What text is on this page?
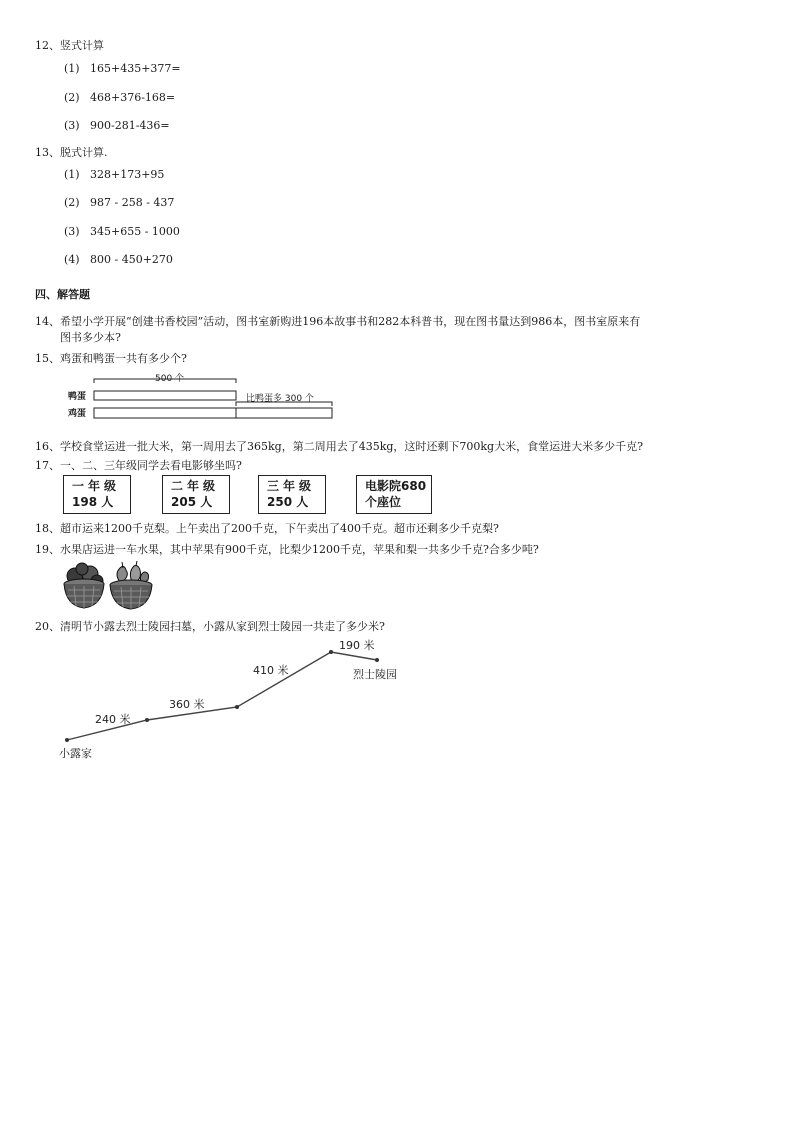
12、竖式计算
(1) 165+435+377=
(2) 468+376-168=
(3) 900-281-436=
13、脱式计算.
(1) 328+173+95
(2) 987 - 258 - 437
(3) 345+655 - 1000
(4) 800 - 450+270
四、解答题
14、希望小学开展“创建书香校园”活动，图书室新购进196本故事书和282本科普书，现在图书量达到986本，图书室原来有
图书多少本?
15、鸡蛋和鸭蛋一共有多少个?
500 个
鸭蛋
鸡蛋
比鸭蛋多 300 个
16、学校食堂运进一批大米，第一周用去了365kg，第二周用去了435kg，这时还剩下700kg大米，食堂运进大米多少千克?
17、一、二、三年级同学去看电影够坐吗?
一年级
198 人
二年级
205 人
三年级
250 人
电影院680
个座位
18、超市运来1200千克梨。上午卖出了200千克，下午卖出了400千克。超市还剩多少千克梨?
19、水果店运进一车水果，其中苹果有900千克，比梨少1200千克，苹果和梨一共多少千克?合多少吨?
20、清明节小露去烈士陵园扫墓，小露从家到烈士陵园一共走了多少米?
240 米
360 米
410 米
190 米
烈士陵园
小露家
